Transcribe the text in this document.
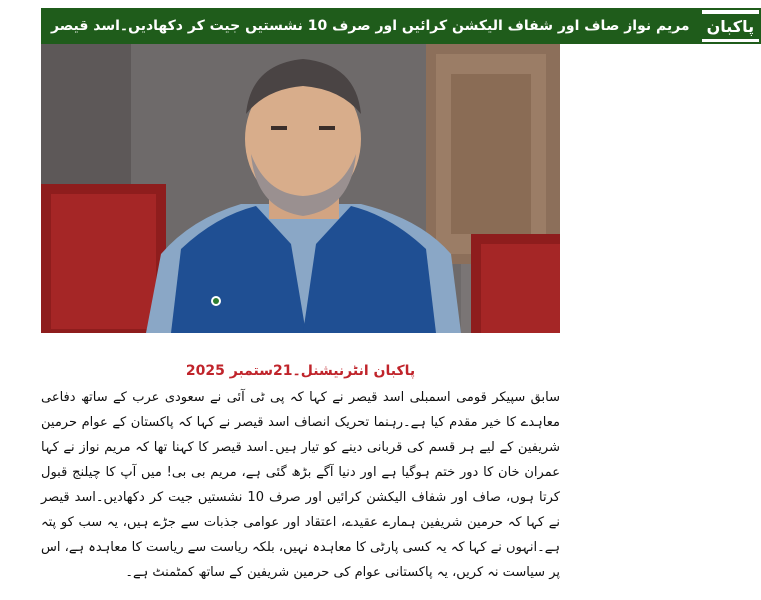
مریم نواز صاف اور شفاف الیکشن کرائیں اور صرف 10 نشستیں جیت کر دکھادیں۔اسد قیصر	پاکبان
پاکبان انٹرنیشنل۔21ستمبر 2025
سابق سپیکر قومی اسمبلی اسد قیصر نے کہا کہ پی ٹی آئی نے سعودی عرب کے ساتھ دفاعی معاہدے کا خیر مقدم کیا ہے۔رہنما تحریک انصاف اسد قیصر نے کہا کہ پاکستان کے عوام حرمین شریفین کے لیے ہر قسم کی قربانی دینے کو تیار ہیں۔اسد قیصر کا کہنا تھا کہ مریم نواز نے کہا عمران خان کا دور ختم ہوگیا ہے اور دنیا آگے بڑھ گئی ہے، مریم بی بی! میں آپ کا چیلنج قبول کرتا ہوں، صاف اور شفاف الیکشن کرائیں اور صرف 10 نشستیں جیت کر دکھادیں۔اسد قیصر نے کہا کہ حرمین شریفین ہمارے عقیدے، اعتقاد اور عوامی جذبات سے جڑے ہیں، یہ سب کو پتہ ہے۔انہوں نے کہا کہ یہ کسی پارٹی کا معاہدہ نہیں، بلکہ ریاست سے ریاست کا معاہدہ ہے، اس پر سیاست نہ کریں، یہ پاکستانی عوام کی حرمین شریفین کے ساتھ کمٹمنٹ ہے۔
